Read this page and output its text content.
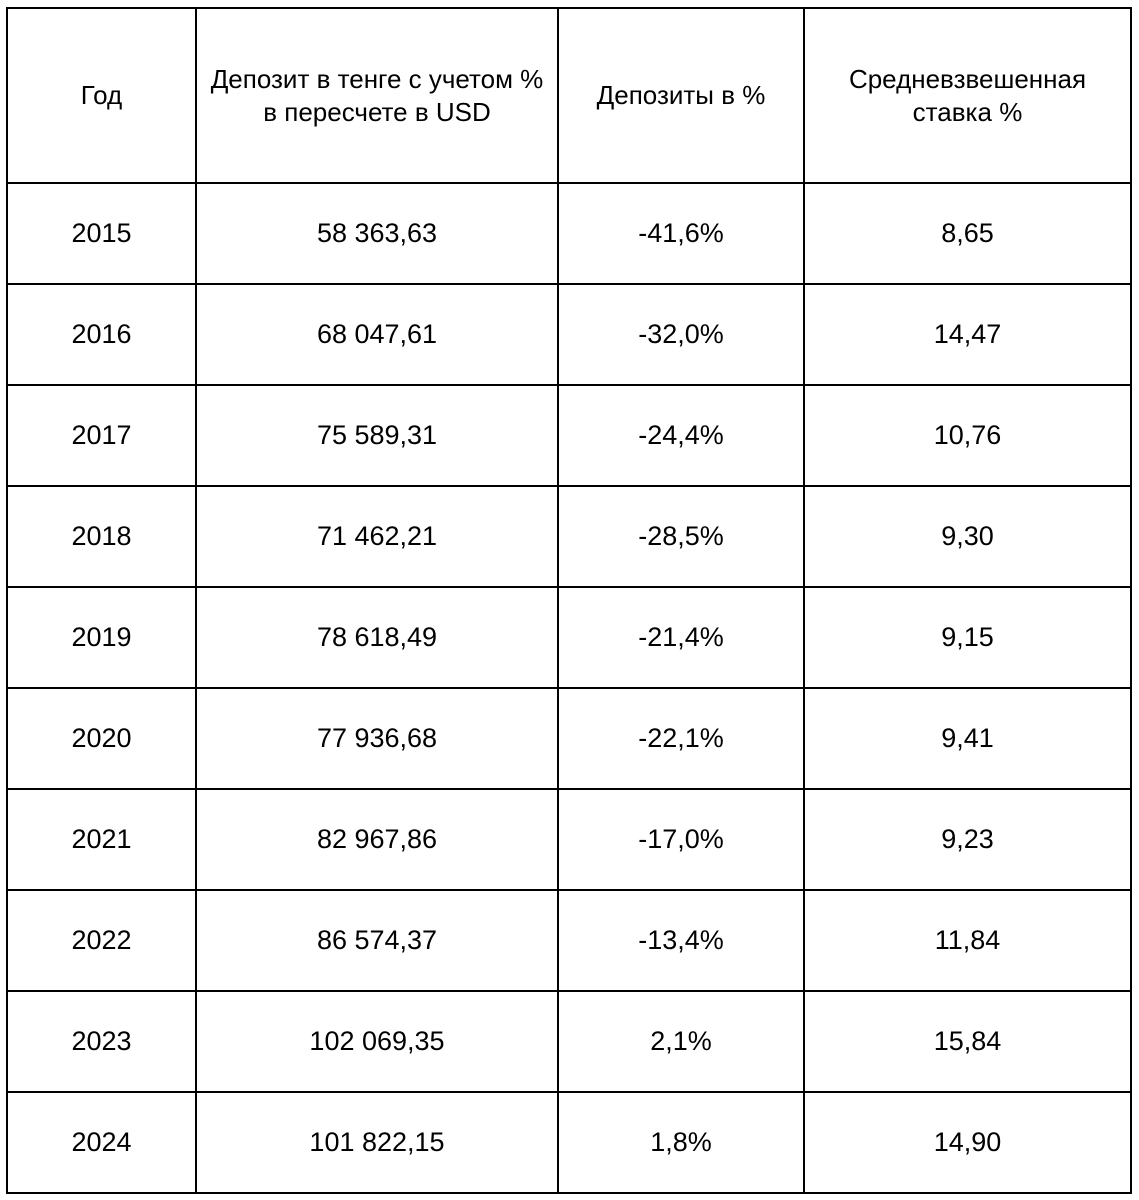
Год	Депозит в тенге с учетом % в пересчете в USD	Депозиты в %	Средневзвешенная ставка %
2015	58 363,63	-41,6%	8,65
2016	68 047,61	-32,0%	14,47
2017	75 589,31	-24,4%	10,76
2018	71 462,21	-28,5%	9,30
2019	78 618,49	-21,4%	9,15
2020	77 936,68	-22,1%	9,41
2021	82 967,86	-17,0%	9,23
2022	86 574,37	-13,4%	11,84
2023	102 069,35	2,1%	15,84
2024	101 822,15	1,8%	14,90
